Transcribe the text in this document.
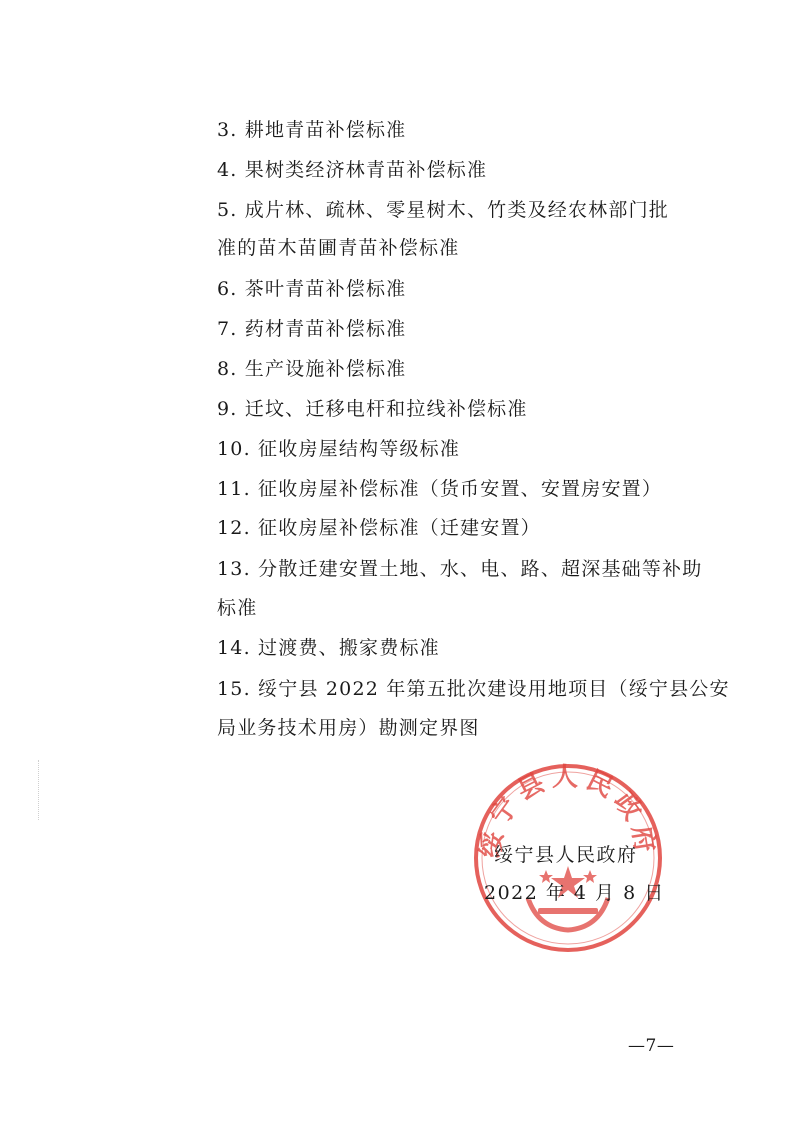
3. 耕地青苗补偿标准
4. 果树类经济林青苗补偿标准
5. 成片林、疏林、零星树木、竹类及经农林部门批
准的苗木苗圃青苗补偿标准
6. 茶叶青苗补偿标准
7. 药材青苗补偿标准
8. 生产设施补偿标准
9. 迁坟、迁移电杆和拉线补偿标准
10. 征收房屋结构等级标准
11. 征收房屋补偿标准（货币安置、安置房安置）
12. 征收房屋补偿标准（迁建安置）
13. 分散迁建安置土地、水、电、路、超深基础等补助
标准
14. 过渡费、搬家费标准
15. 绥宁县 2022 年第五批次建设用地项目（绥宁县公安
局业务技术用房）勘测定界图
绥宁县人民政府
绥宁县人民政府
2022 年 4 月 8 日
—7—
